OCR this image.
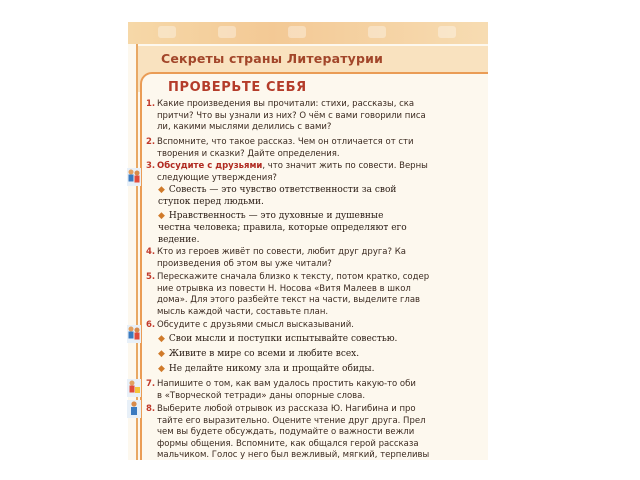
Секреты страны Литературии
ПРОВЕРЬТЕ СЕБЯ
1. Какие произведения вы прочитали: стихи, рассказы, ска
притчи? Что вы узнали из них? О чём с вами говорили писа
ли, какими мыслями делились с вами?
2. Вспомните, что такое рассказ. Чем он отличается от сти
творения и сказки? Дайте определения.
3. Обсудите с друзьями, что значит жить по совести. Верны
следующие утверждения?
◆ Совесть — это чувство ответственности за свой
ступок перед людьми.
◆ Нравственность — это духовные и душевные
честна человека; правила, которые определяют его
ведение.
4. Кто из героев живёт по совести, любит друг друга? Ка
произведения об этом вы уже читали?
5. Перескажите сначала близко к тексту, потом кратко, содер
ние отрывка из повести Н. Носова «Витя Малеев в школ
дома». Для этого разбейте текст на части, выделите глав
мысль каждой части, составьте план.
6. Обсудите с друзьями смысл высказываний.
◆ Свои мысли и поступки испытывайте совестью.
◆ Живите в мире со всеми и любите всех.
◆ Не делайте никому зла и прощайте обиды.
7. Напишите о том, как вам удалось простить какую-то оби
в «Творческой тетради» даны опорные слова.
8. Выберите любой отрывок из рассказа Ю. Нагибина и про
тайте его выразительно. Оцените чтение друг друга. Прел
чем вы будете обсуждать, подумайте о важности вежли
формы общения. Вспомните, как общался герой рассказа
мальчиком. Голос у него был вежливый, мягкий, терпеливы
